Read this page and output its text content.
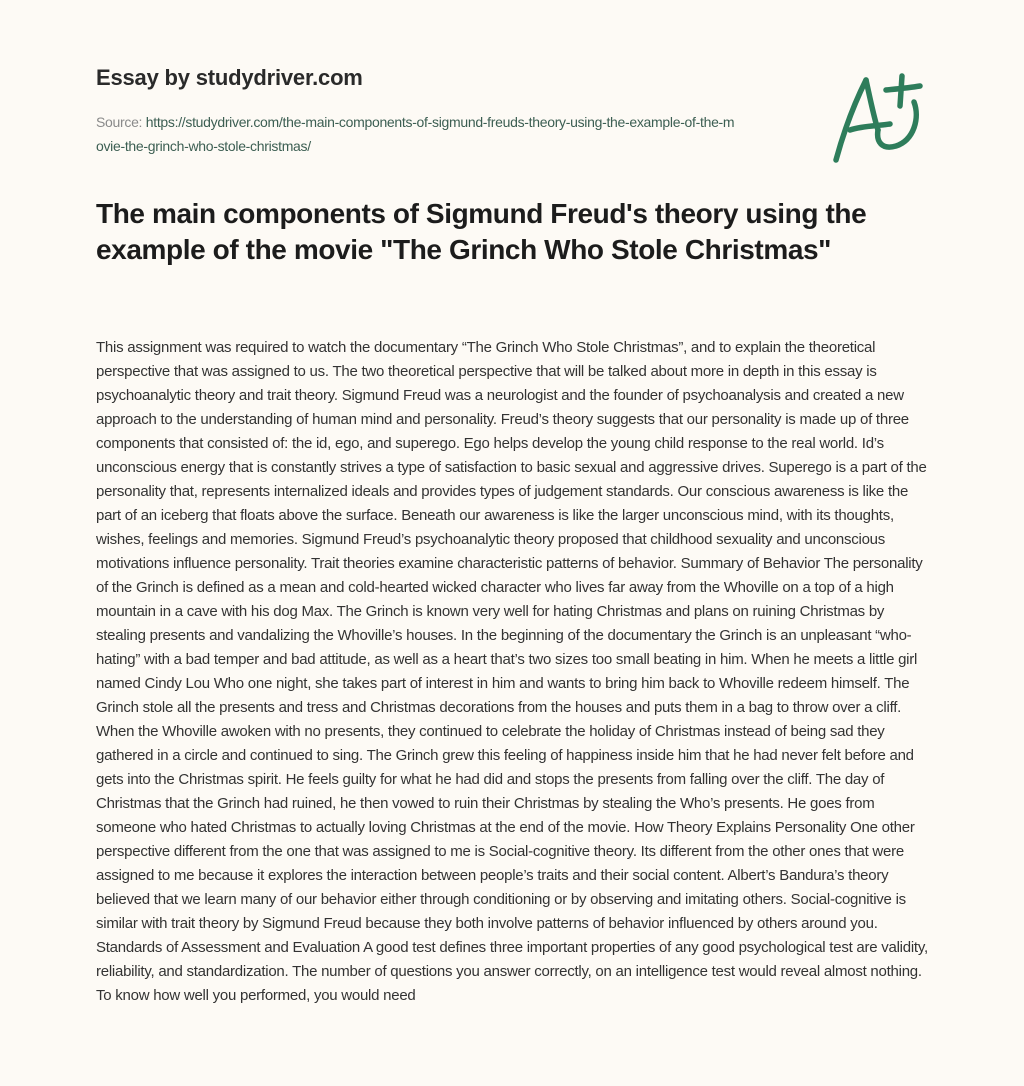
Essay by studydriver.com
Source: https://studydriver.com/the-main-components-of-sigmund-freuds-theory-using-the-example-of-the-movie-the-grinch-who-stole-christmas/
The main components of Sigmund Freud's theory using the example of the movie "The Grinch Who Stole Christmas"
This assignment was required to watch the documentary “The Grinch Who Stole Christmas”, and to explain the theoretical perspective that was assigned to us. The two theoretical perspective that will be talked about more in depth in this essay is psychoanalytic theory and trait theory. Sigmund Freud was a neurologist and the founder of psychoanalysis and created a new approach to the understanding of human mind and personality. Freud’s theory suggests that our personality is made up of three components that consisted of: the id, ego, and superego. Ego helps develop the young child response to the real world. Id’s unconscious energy that is constantly strives a type of satisfaction to basic sexual and aggressive drives. Superego is a part of the personality that, represents internalized ideals and provides types of judgement standards. Our conscious awareness is like the part of an iceberg that floats above the surface. Beneath our awareness is like the larger unconscious mind, with its thoughts, wishes, feelings and memories. Sigmund Freud’s psychoanalytic theory proposed that childhood sexuality and unconscious motivations influence personality. Trait theories examine characteristic patterns of behavior. Summary of Behavior The personality of the Grinch is defined as a mean and cold-hearted wicked character who lives far away from the Whoville on a top of a high mountain in a cave with his dog Max. The Grinch is known very well for hating Christmas and plans on ruining Christmas by stealing presents and vandalizing the Whoville’s houses. In the beginning of the documentary the Grinch is an unpleasant “who-hating” with a bad temper and bad attitude, as well as a heart that’s two sizes too small beating in him. When he meets a little girl named Cindy Lou Who one night, she takes part of interest in him and wants to bring him back to Whoville redeem himself. The Grinch stole all the presents and tress and Christmas decorations from the houses and puts them in a bag to throw over a cliff. When the Whoville awoken with no presents, they continued to celebrate the holiday of Christmas instead of being sad they gathered in a circle and continued to sing. The Grinch grew this feeling of happiness inside him that he had never felt before and gets into the Christmas spirit. He feels guilty for what he had did and stops the presents from falling over the cliff. The day of Christmas that the Grinch had ruined, he then vowed to ruin their Christmas by stealing the Who’s presents. He goes from someone who hated Christmas to actually loving Christmas at the end of the movie. How Theory Explains Personality One other perspective different from the one that was assigned to me is Social-cognitive theory. Its different from the other ones that were assigned to me because it explores the interaction between people’s traits and their social content. Albert’s Bandura’s theory believed that we learn many of our behavior either through conditioning or by observing and imitating others. Social-cognitive is similar with trait theory by Sigmund Freud because they both involve patterns of behavior influenced by others around you. Standards of Assessment and Evaluation A good test defines three important properties of any good psychological test are validity, reliability, and standardization. The number of questions you answer correctly, on an intelligence test would reveal almost nothing. To know how well you performed, you would need
